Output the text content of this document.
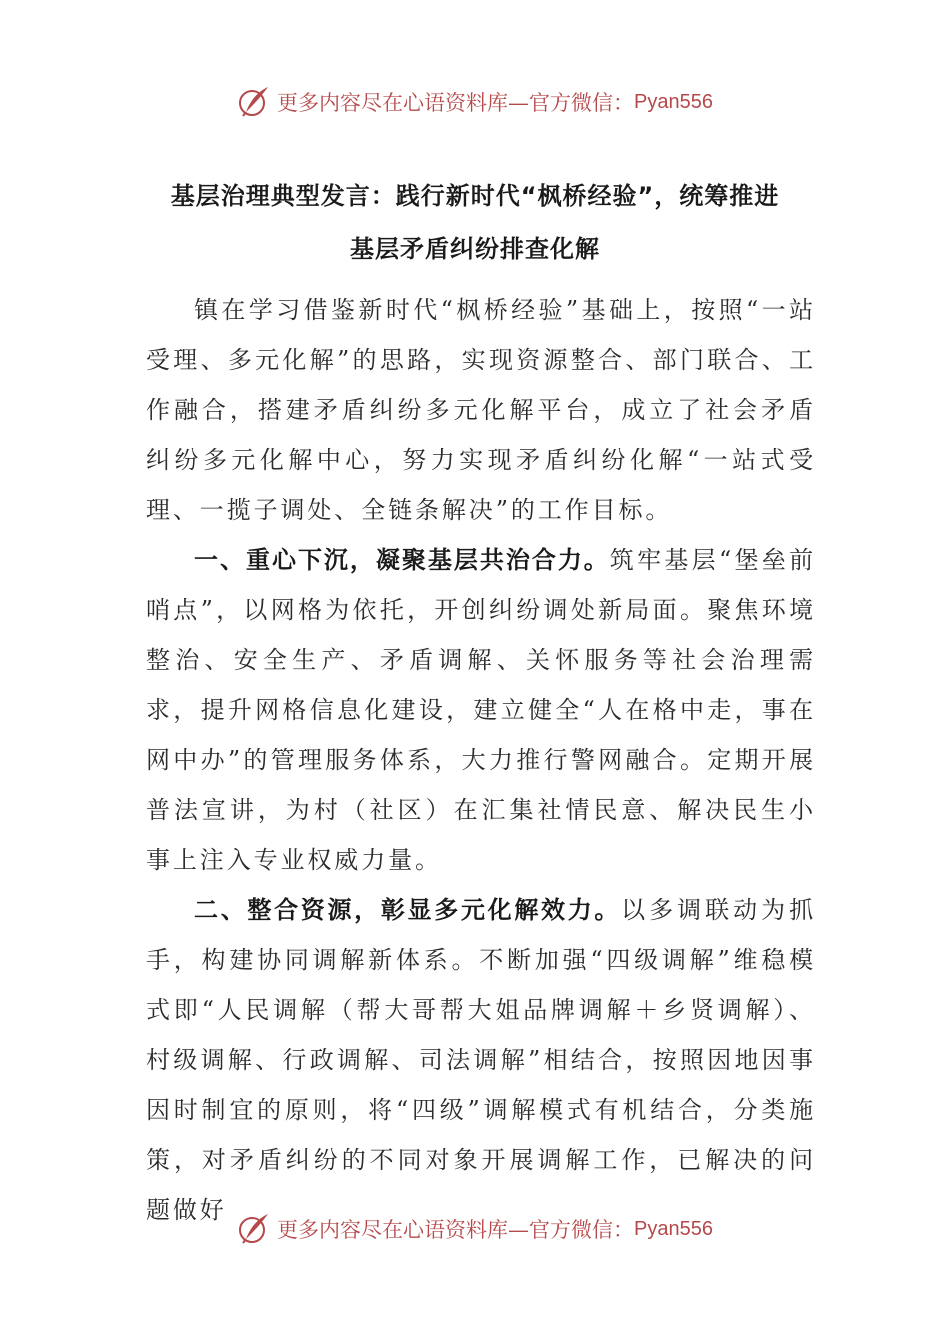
更多内容尽在心语资料库—官方微信： Pyan556
基层治理典型发言：践行新时代“枫桥经验”，统筹推进
基层矛盾纠纷排查化解

镇在学习借鉴新时代“枫桥经验”基础上，按照“一站受理、多元化解”的思路，实现资源整合、部门联合、工作融合，搭建矛盾纠纷多元化解平台，成立了社会矛盾纠纷多元化解中心，努力实现矛盾纠纷化解“一站式受理、一揽子调处、全链条解决”的工作目标。

一、重心下沉，凝聚基层共治合力。筑牢基层“堡垒前哨点”，以网格为依托，开创纠纷调处新局面。聚焦环境整治、安全生产、矛盾调解、关怀服务等社会治理需求，提升网格信息化建设，建立健全“人在格中走，事在网中办”的管理服务体系，大力推行警网融合。定期开展普法宣讲，为村（社区）在汇集社情民意、解决民生小事上注入专业权威力量。

二、整合资源，彰显多元化解效力。以多调联动为抓手，构建协同调解新体系。不断加强“四级调解”维稳模式即“人民调解（帮大哥帮大姐品牌调解＋乡贤调解）、村级调解、行政调解、司法调解”相结合，按照因地因事因时制宜的原则，将“四级”调解模式有机结合，分类施策，对矛盾纠纷的不同对象开展调解工作，已解决的问题做好

更多内容尽在心语资料库—官方微信： Pyan556
